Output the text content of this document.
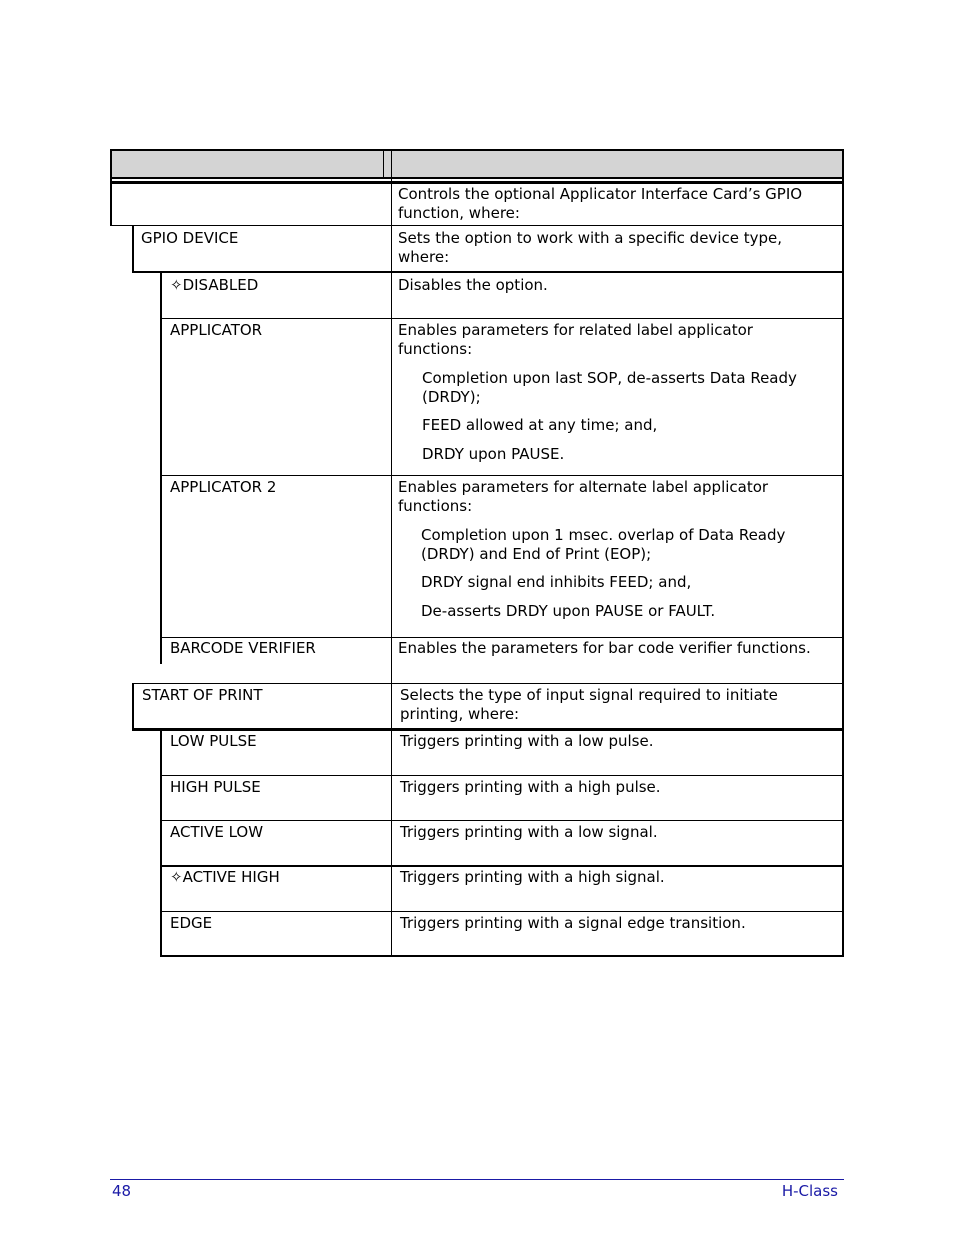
Controls the optional Applicator Interface Card’s GPIO
function, where:
GPIO DEVICE	Sets the option to work with a specific device type,
where:
✧DISABLED	Disables the option.
APPLICATOR	Enables parameters for related label applicator
functions:
Completion upon last SOP, de-asserts Data Ready
(DRDY);
FEED allowed at any time; and,
DRDY upon PAUSE.
APPLICATOR 2	Enables parameters for alternate label applicator
functions:
Completion upon 1 msec. overlap of Data Ready
(DRDY) and End of Print (EOP);
DRDY signal end inhibits FEED; and,
De-asserts DRDY upon PAUSE or FAULT.
BARCODE VERIFIER	Enables the parameters for bar code verifier functions.
START OF PRINT	Selects the type of input signal required to initiate
printing, where:
LOW PULSE	Triggers printing with a low pulse.
HIGH PULSE	Triggers printing with a high pulse.
ACTIVE LOW	Triggers printing with a low signal.
✧ACTIVE HIGH	Triggers printing with a high signal.
EDGE	Triggers printing with a signal edge transition.
48	H-Class
